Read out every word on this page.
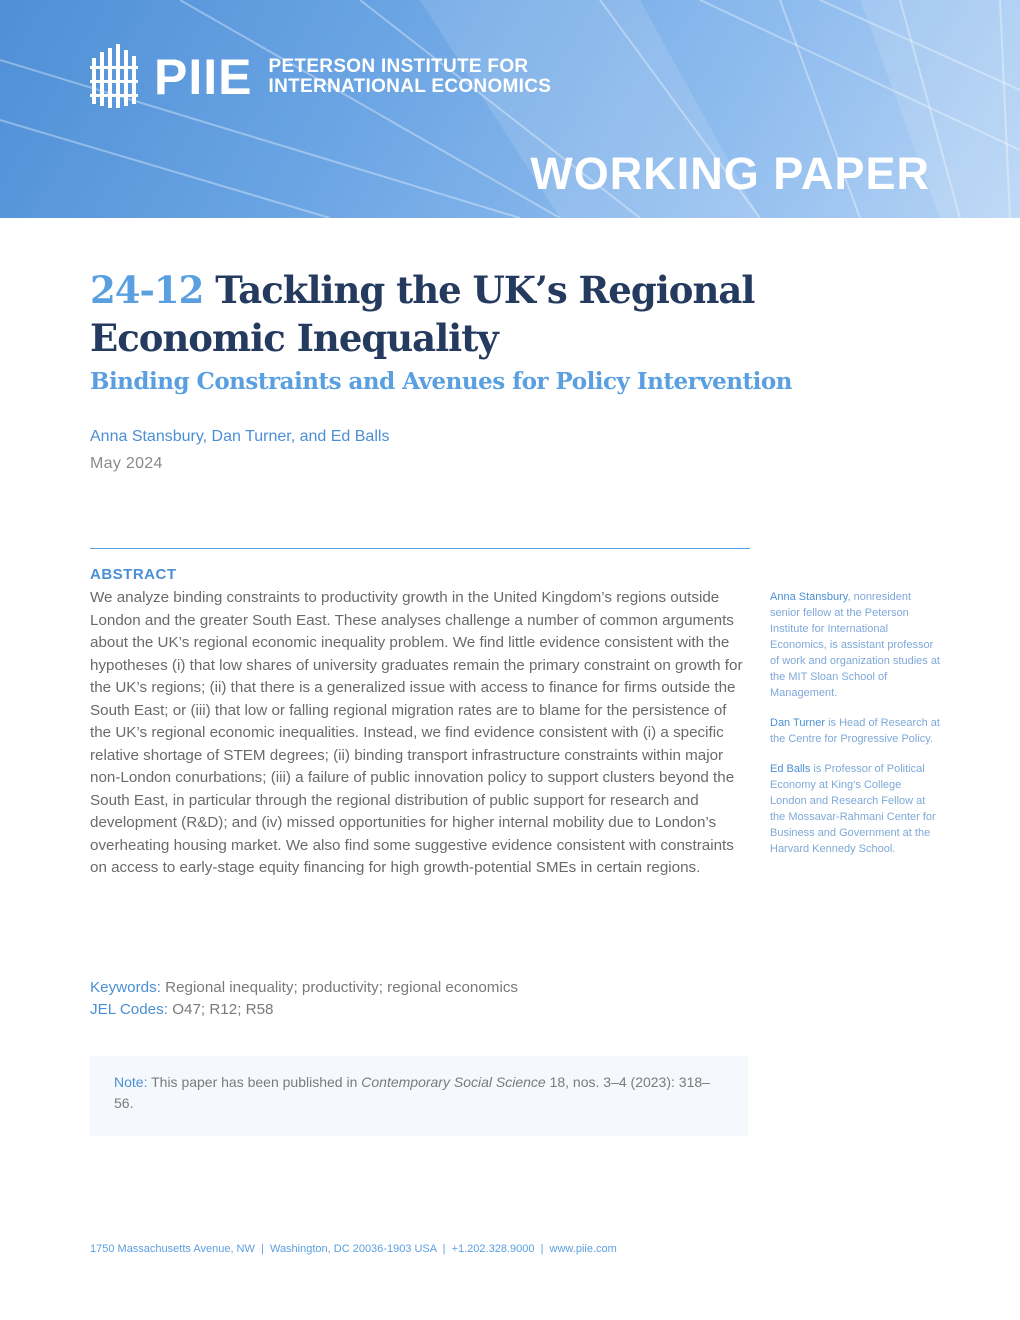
PIIE PETERSON INSTITUTE FOR
INTERNATIONAL ECONOMICS
WORKING PAPER
24-12 Tackling the UK’s Regional
Economic Inequality
Binding Constraints and Avenues for Policy Intervention
Anna Stansbury, Dan Turner, and Ed Balls
May 2024
ABSTRACT
We analyze binding constraints to productivity growth in the United Kingdom’s regions outside London and the greater South East. These analyses challenge a number of common arguments about the UK’s regional economic inequality problem. We find little evidence consistent with the hypotheses (i) that low shares of university graduates remain the primary constraint on growth for the UK’s regions; (ii) that there is a generalized issue with access to finance for firms outside the South East; or (iii) that low or falling regional migration rates are to blame for the persistence of the UK’s regional economic inequalities. Instead, we find evidence consistent with (i) a specific relative shortage of STEM degrees; (ii) binding transport infrastructure constraints within major non-London conurbations; (iii) a failure of public innovation policy to support clusters beyond the South East, in particular through the regional distribution of public support for research and development (R&D); and (iv) missed opportunities for higher internal mobility due to London’s overheating housing market. We also find some suggestive evidence consistent with constraints on access to early-stage equity financing for high growth-potential SMEs in certain regions.
Keywords: Regional inequality; productivity; regional economics
JEL Codes: O47; R12; R58
Note: This paper has been published in Contemporary Social Science 18, nos. 3–4 (2023): 318–56.
Anna Stansbury, nonresident senior fellow at the Peterson Institute for International Economics, is assistant professor of work and organization studies at the MIT Sloan School of Management.
Dan Turner is Head of Research at the Centre for Progressive Policy.
Ed Balls is Professor of Political Economy at King’s College London and Research Fellow at the Mossavar-Rahmani Center for Business and Government at the Harvard Kennedy School.
1750 Massachusetts Avenue, NW  |  Washington, DC 20036-1903 USA  |  +1.202.328.9000  |  www.piie.com
